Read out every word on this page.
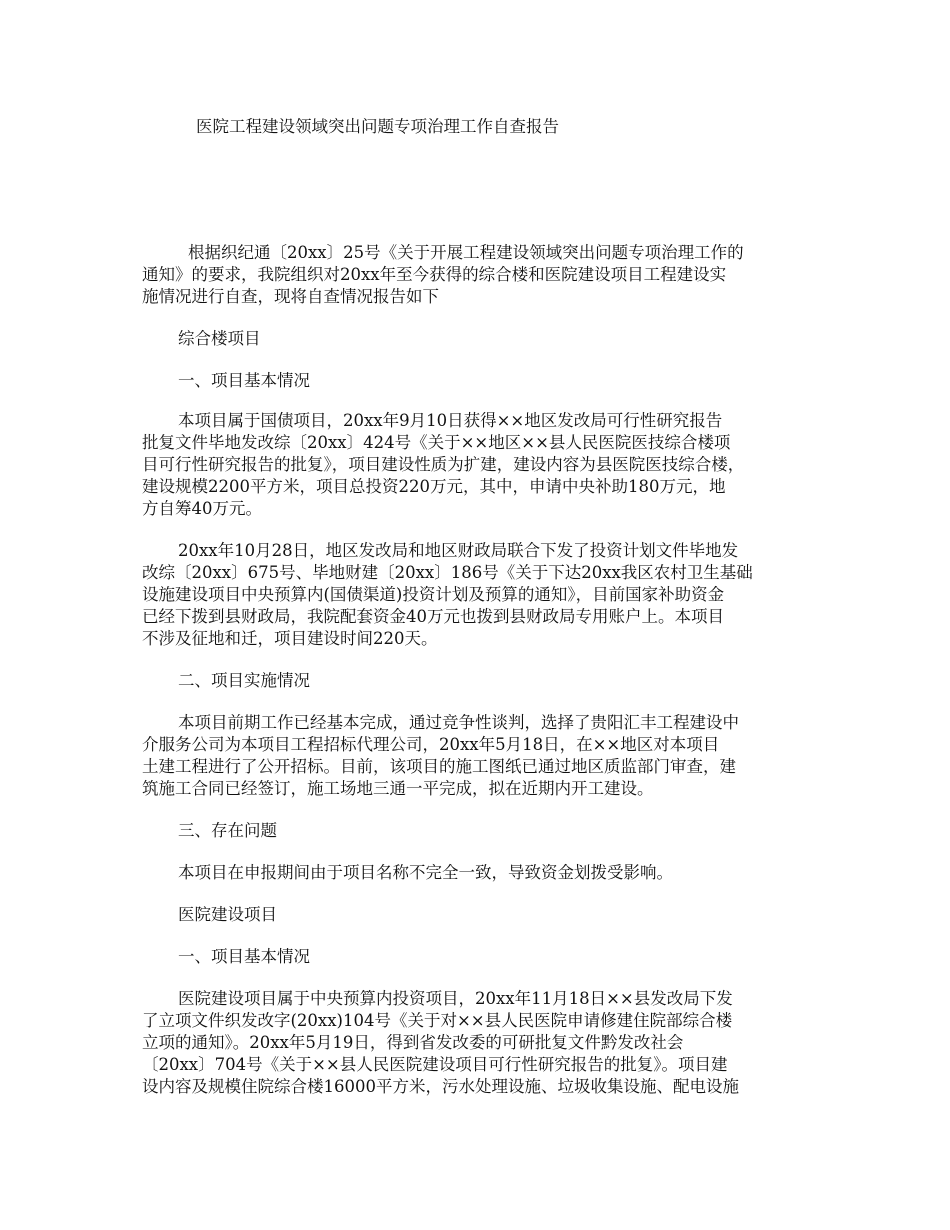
医院工程建设领域突出问题专项治理工作自查报告
根据织纪通〔20xx〕25号《关于开展工程建设领域突出问题专项治理工作的
通知》的要求，我院组织对20xx年至今获得的综合楼和医院建设项目工程建设实
施情况进行自查，现将自查情况报告如下
综合楼项目
一、项目基本情况
本项目属于国债项目，20xx年9月10日获得××地区发改局可行性研究报告
批复文件毕地发改综〔20xx〕424号《关于××地区××县人民医院医技综合楼项
目可行性研究报告的批复》，项目建设性质为扩建，建设内容为县医院医技综合楼，
建设规模2200平方米，项目总投资220万元，其中，申请中央补助180万元，地
方自筹40万元。
20xx年10月28日，地区发改局和地区财政局联合下发了投资计划文件毕地发
改综〔20xx〕675号、毕地财建〔20xx〕186号《关于下达20xx我区农村卫生基础
设施建设项目中央预算内(国债渠道)投资计划及预算的通知》，目前国家补助资金
已经下拨到县财政局，我院配套资金40万元也拨到县财政局专用账户上。本项目
不涉及征地和迁，项目建设时间220天。
二、项目实施情况
本项目前期工作已经基本完成，通过竞争性谈判，选择了贵阳汇丰工程建设中
介服务公司为本项目工程招标代理公司，20xx年5月18日，在××地区对本项目
土建工程进行了公开招标。目前，该项目的施工图纸已通过地区质监部门审查，建
筑施工合同已经签订，施工场地三通一平完成，拟在近期内开工建设。
三、存在问题
本项目在申报期间由于项目名称不完全一致，导致资金划拨受影响。
医院建设项目
一、项目基本情况
医院建设项目属于中央预算内投资项目，20xx年11月18日××县发改局下发
了立项文件织发改字(20xx)104号《关于对××县人民医院申请修建住院部综合楼
立项的通知》。20xx年5月19日，得到省发改委的可研批复文件黔发改社会
〔20xx〕704号《关于××县人民医院建设项目可行性研究报告的批复》。项目建
设内容及规模住院综合楼16000平方米，污水处理设施、垃圾收集设施、配电设施
